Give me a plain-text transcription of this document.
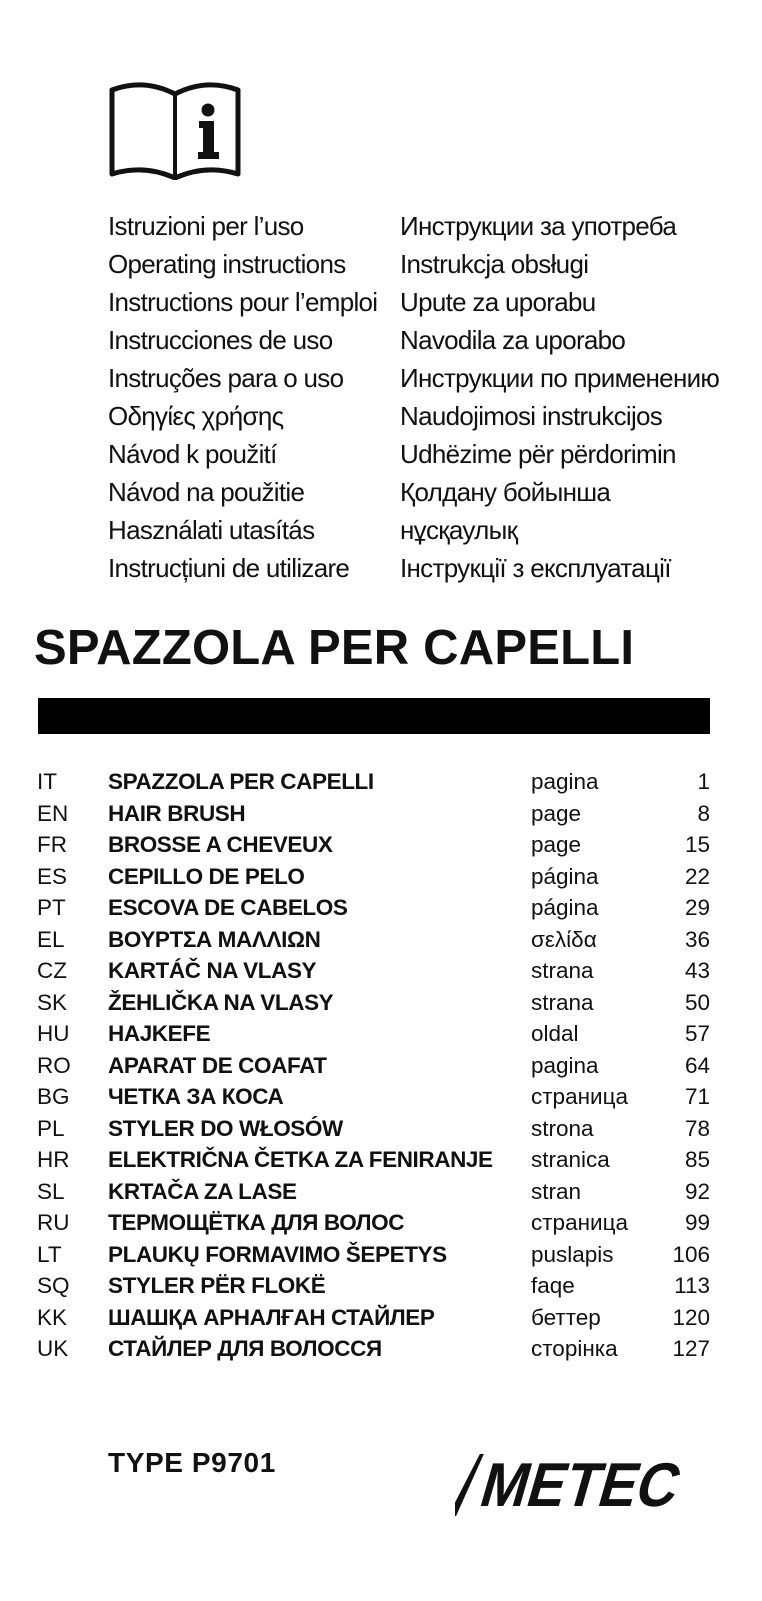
Istruzioni per l’uso
Operating instructions
Instructions pour l’emploi
Instrucciones de uso
Instruções para o uso
Οδηγίες χρήσης
Návod k použití
Návod na použitie
Használati utasítás
Instrucțiuni de utilizare
Инструкции за употреба
Instrukcja obsługi
Upute za uporabu
Navodila za uporabo
Инструкции по применению
Naudojimosi instrukcijos
Udhëzime për përdorimin
Қолдану бойынша
нұсқаулық
Інструкції з експлуатації
SPAZZOLA PER CAPELLI
IT SPAZZOLA PER CAPELLI	pagina	1
EN HAIR BRUSH	page	8
FR BROSSE A CHEVEUX	page	15
ES CEPILLO DE PELO	página	22
PT ESCOVA DE CABELOS	página	29
EL ΒΟΥΡΤΣΑ ΜΑΛΛΙΩΝ	σελίδα	36
CZ KARTÁČ NA VLASY	strana	43
SK ŽEHLIČKA NA VLASY	strana	50
HU HAJKEFE	oldal	57
RO APARAT DE COAFAT	pagina	64
BG ЧЕТКА ЗА КОСА	страница	71
PL STYLER DO WŁOSÓW	strona	78
HR ELEKTRIČNA ČETKA ZA FENIRANJE stranica	85
SL KRTAČA ZA LASE	stran	92
RU ТЕРМОЩЁТКА ДЛЯ ВОЛОС	страница	99
LT PLAUKŲ FORMAVIMO ŠEPETYS	puslapis	106
SQ STYLER PËR FLOKË	faqe	113
KK ШАШҚА АРНАЛҒАН СТАЙЛЕР	беттер	120
UK СТАЙЛЕР ДЛЯ ВОЛОССЯ	сторінка 127
TYPE P9701	METEC
